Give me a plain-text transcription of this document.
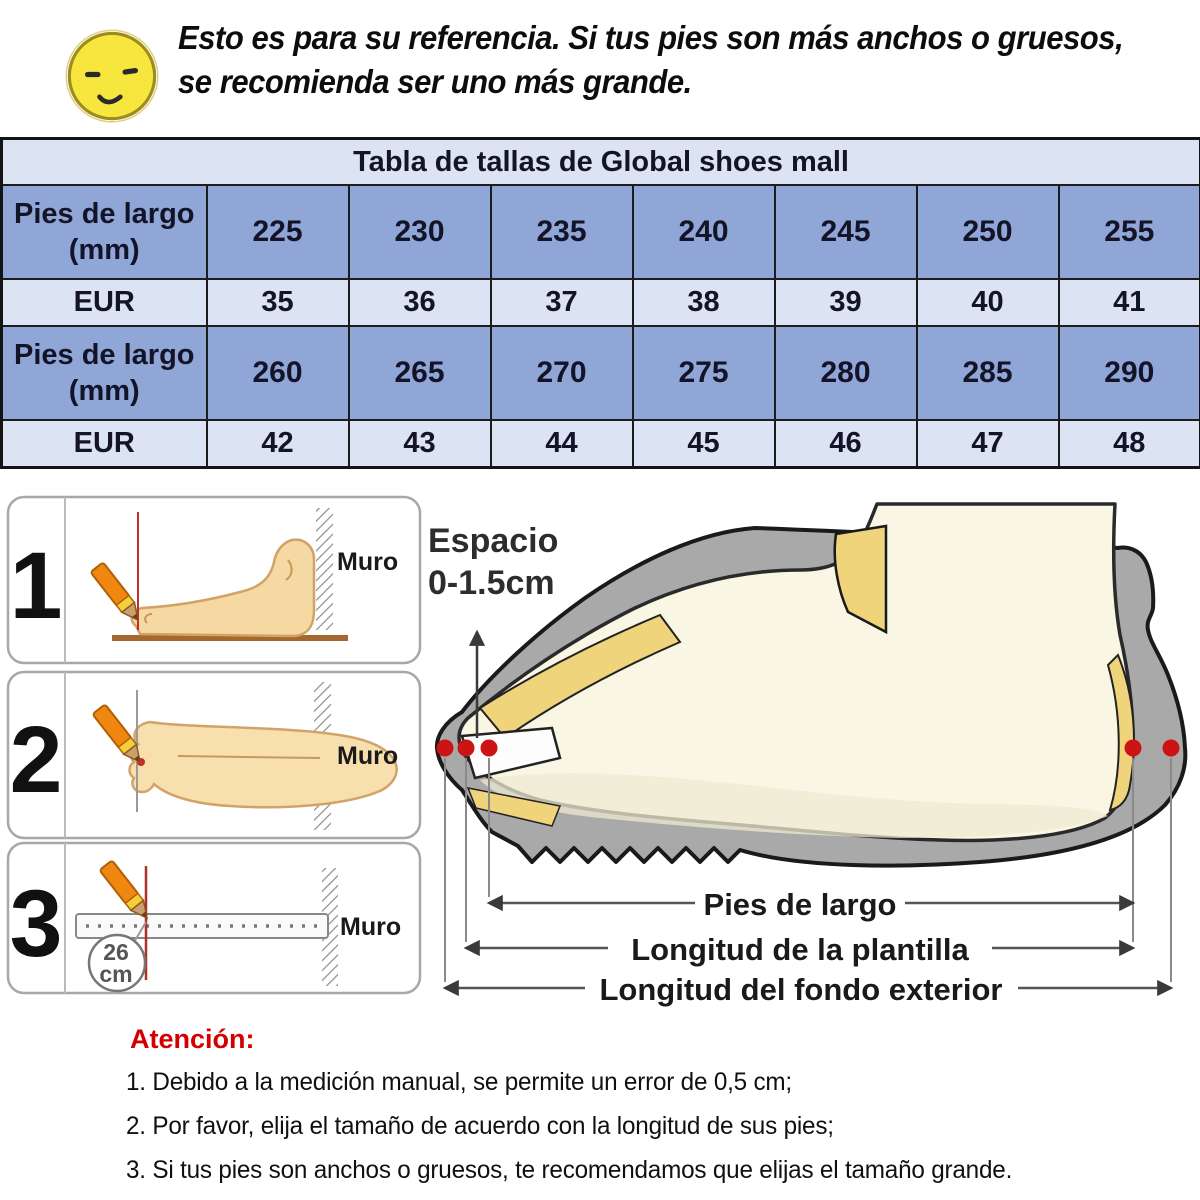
Esto es para su referencia. Si tus pies son más anchos o gruesos,
se recomienda ser uno más grande.
Tabla de tallas de Global shoes mall							

Pies de largo
(mm)	225	230	235	240	245	250	255
EUR	35	36	37	38	39	40	41

Pies de largo
(mm)	260	265	270	275	280	285	290
EUR	42	43	44	45	46	47	48
1	Muro
2	Muro
3 26
cm
Muro
Espacio
0-1.5cm
Pies de largo
Longitud de la plantilla
Longitud del fondo exterior
Atención:
1. Debido a la medición manual, se permite un error de 0,5 cm;
2. Por favor, elija el tamaño de acuerdo con la longitud de sus pies;
3. Si tus pies son anchos o gruesos, te recomendamos que elijas el tamaño grande.
